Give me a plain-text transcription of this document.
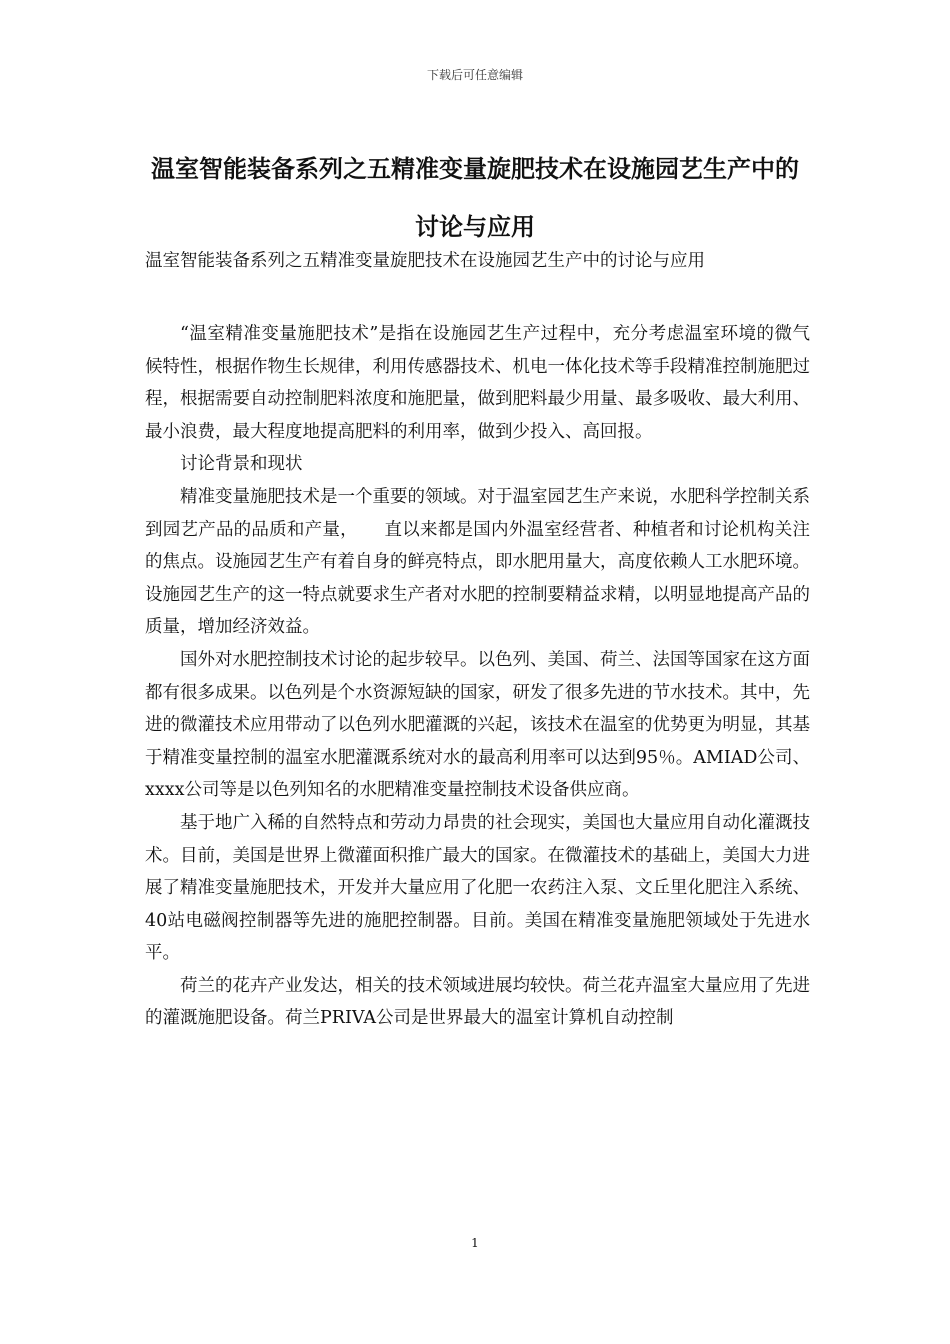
下载后可任意编辑
温室智能装备系列之五精准变量旋肥技术在设施园艺生产中的讨论与应用

温室智能装备系列之五精准变量旋肥技术在设施园艺生产中的讨论与应用

“温室精准变量施肥技术”是指在设施园艺生产过程中，充分考虑温室环境的微气候特性，根据作物生长规律，利用传感器技术、机电一体化技术等手段精准控制施肥过程，根据需要自动控制肥料浓度和施肥量，做到肥料最少用量、最多吸收、最大利用、最小浪费，最大程度地提高肥料的利用率，做到少投入、高回报。

讨论背景和现状

精准变量施肥技术是一个重要的领域。对于温室园艺生产来说，水肥科学控制关系到园艺产品的品质和产量，　　直以来都是国内外温室经营者、种植者和讨论机构关注的焦点。设施园艺生产有着自身的鲜亮特点，即水肥用量大，高度依赖人工水肥环境。设施园艺生产的这一特点就要求生产者对水肥的控制要精益求精，以明显地提高产品的质量，增加经济效益。

国外对水肥控制技术讨论的起步较早。以色列、美国、荷兰、法国等国家在这方面都有很多成果。以色列是个水资源短缺的国家，研发了很多先进的节水技术。其中，先进的微灌技术应用带动了以色列水肥灌溉的兴起，该技术在温室的优势更为明显，其基于精准变量控制的温室水肥灌溉系统对水的最高利用率可以达到95％。AMIAD公司、xxxx公司等是以色列知名的水肥精准变量控制技术设备供应商。

基于地广入稀的自然特点和劳动力昂贵的社会现实，美国也大量应用自动化灌溉技术。目前，美国是世界上微灌面积推广最大的国家。在微灌技术的基础上，美国大力进展了精准变量施肥技术，开发并大量应用了化肥一农药注入泵、文丘里化肥注入系统、40站电磁阀控制器等先进的施肥控制器。目前。美国在精准变量施肥领域处于先进水平。

荷兰的花卉产业发达，相关的技术领域进展均较快。荷兰花卉温室大量应用了先进的灌溉施肥设备。荷兰PRIVA公司是世界最大的温室计算机自动控制

1
